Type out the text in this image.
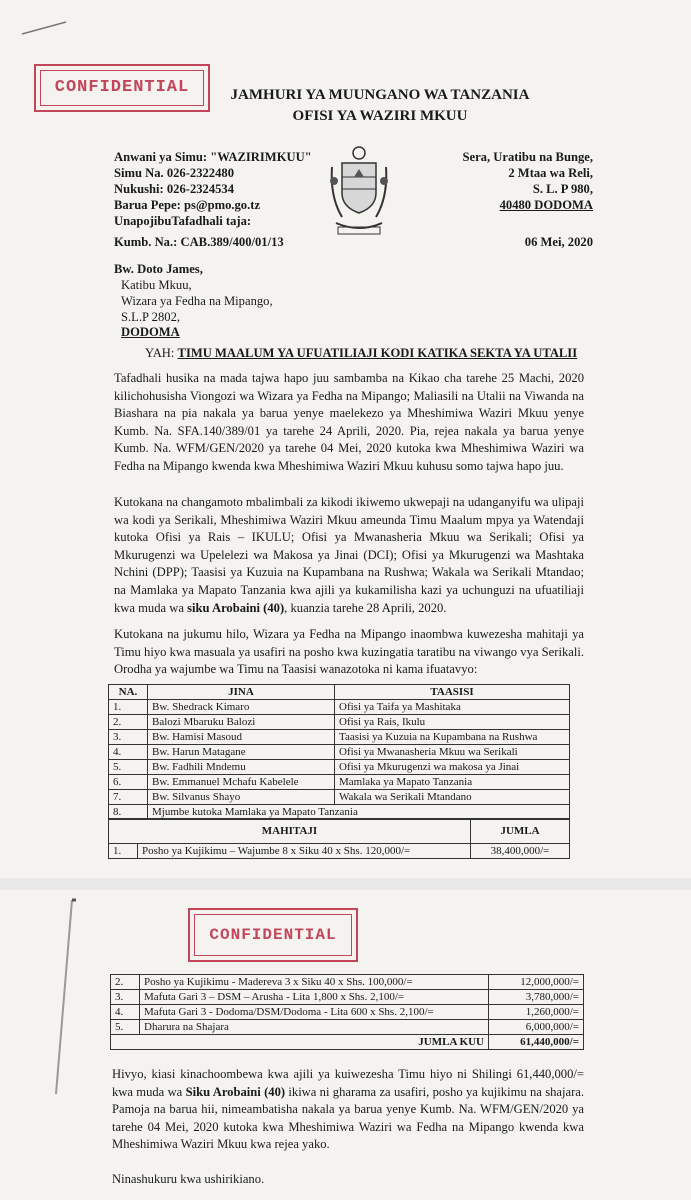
CONFIDENTIAL	JAMHURI YA MUUNGANO WA TANZANIA
OFISI YA WAZIRI MKUU
Anwani ya Simu: "WAZIRIMKUU"
Simu Na. 026-2322480
Nukushi: 026-2324534
Barua Pepe: ps@pmo.go.tz
UnapojibuTafadhali taja:
Sera, Uratibu na Bunge,
2 Mtaa wa Reli,
S. L. P 980,
40480 DODOMA
Kumb. Na.: CAB.389/400/01/13	06 Mei, 2020
Bw. Doto James,
Katibu Mkuu,
Wizara ya Fedha na Mipango,
S.L.P 2802,
DODOMA
YAH: TIMU MAALUM YA UFUATILIAJI KODI KATIKA SEKTA YA UTALII
Tafadhali husika na mada tajwa hapo juu sambamba na Kikao cha tarehe 25 Machi, 2020 kilichohusisha Viongozi wa Wizara ya Fedha na Mipango; Maliasili na Utalii na Viwanda na Biashara na pia nakala ya barua yenye maelekezo ya Mheshimiwa Waziri Mkuu yenye Kumb. Na. SFA.140/389/01 ya tarehe 24 Aprili, 2020. Pia, rejea nakala ya barua yenye Kumb. Na. WFM/GEN/2020 ya tarehe 04 Mei, 2020 kutoka kwa Mheshimiwa Waziri wa Fedha na Mipango kwenda kwa Mheshimiwa Waziri Mkuu kuhusu somo tajwa hapo juu.
Kutokana na changamoto mbalimbali za kikodi ikiwemo ukwepaji na udanganyifu wa ulipaji wa kodi ya Serikali, Mheshimiwa Waziri Mkuu ameunda Timu Maalum mpya ya Watendaji kutoka Ofisi ya Rais – IKULU; Ofisi ya Mwanasheria Mkuu wa Serikali; Ofisi ya Mkurugenzi wa Upelelezi wa Makosa ya Jinai (DCI); Ofisi ya Mkurugenzi wa Mashtaka Nchini (DPP); Taasisi ya Kuzuia na Kupambana na Rushwa; Wakala wa Serikali Mtandao; na Mamlaka ya Mapato Tanzania kwa ajili ya kukamilisha kazi ya uchunguzi na ufuatiliaji kwa muda wa siku Arobaini (40), kuanzia tarehe 28 Aprili, 2020.
Kutokana na jukumu hilo, Wizara ya Fedha na Mipango inaombwa kuwezesha mahitaji ya Timu hiyo kwa masuala ya usafiri na posho kwa kuzingatia taratibu na viwango vya Serikali. Orodha ya wajumbe wa Timu na Taasisi wanazotoka ni kama ifuatavyo:
NA.	JINA	TAASISI
1.	Bw. Shedrack Kimaro	Ofisi ya Taifa ya Mashitaka
2.	Balozi Mbaruku Balozi	Ofisi ya Rais, Ikulu
3.	Bw. Hamisi Masoud	Taasisi ya Kuzuia na Kupambana na Rushwa
4.	Bw. Harun Matagane	Ofisi ya Mwanasheria Mkuu wa Serikali
5.	Bw. Fadhili Mndemu	Ofisi ya Mkurugenzi wa makosa ya Jinai
6.	Bw. Emmanuel Mchafu Kabelele	Mamlaka ya Mapato Tanzania
7.	Bw. Silvanus Shayo	Wakala wa Serikali Mtandano
8.	Mjumbe kutoka Mamlaka ya Mapato Tanzania	
MAHITAJI		JUMLA
1.	Posho ya Kujikimu – Wajumbe 8 x Siku 40 x Shs. 120,000/=	38,400,000/=
CONFIDENTIAL
2.	Posho ya Kujikimu - Madereva 3 x Siku 40 x Shs. 100,000/=	12,000,000/=
3.	Mafuta Gari 3 – DSM – Arusha - Lita 1,800 x Shs. 2,100/=	3,780,000/=
4.	Mafuta Gari 3 - Dodoma/DSM/Dodoma - Lita 600 x Shs. 2,100/=	1,260,000/=
5.	Dharura na Shajara	6,000,000/=
JUMLA KUU		61,440,000/=
Hivyo, kiasi kinachoombewa kwa ajili ya kuiwezesha Timu hiyo ni Shilingi 61,440,000/= kwa muda wa Siku Arobaini (40) ikiwa ni gharama za usafiri, posho ya kujikimu na shajara. Pamoja na barua hii, nimeambatisha nakala ya barua yenye Kumb. Na. WFM/GEN/2020 ya tarehe 04 Mei, 2020 kutoka kwa Mheshimiwa Waziri wa Fedha na Mipango kwenda kwa Mheshimiwa Waziri Mkuu kwa rejea yako.
Ninashukuru kwa ushirikiano.
